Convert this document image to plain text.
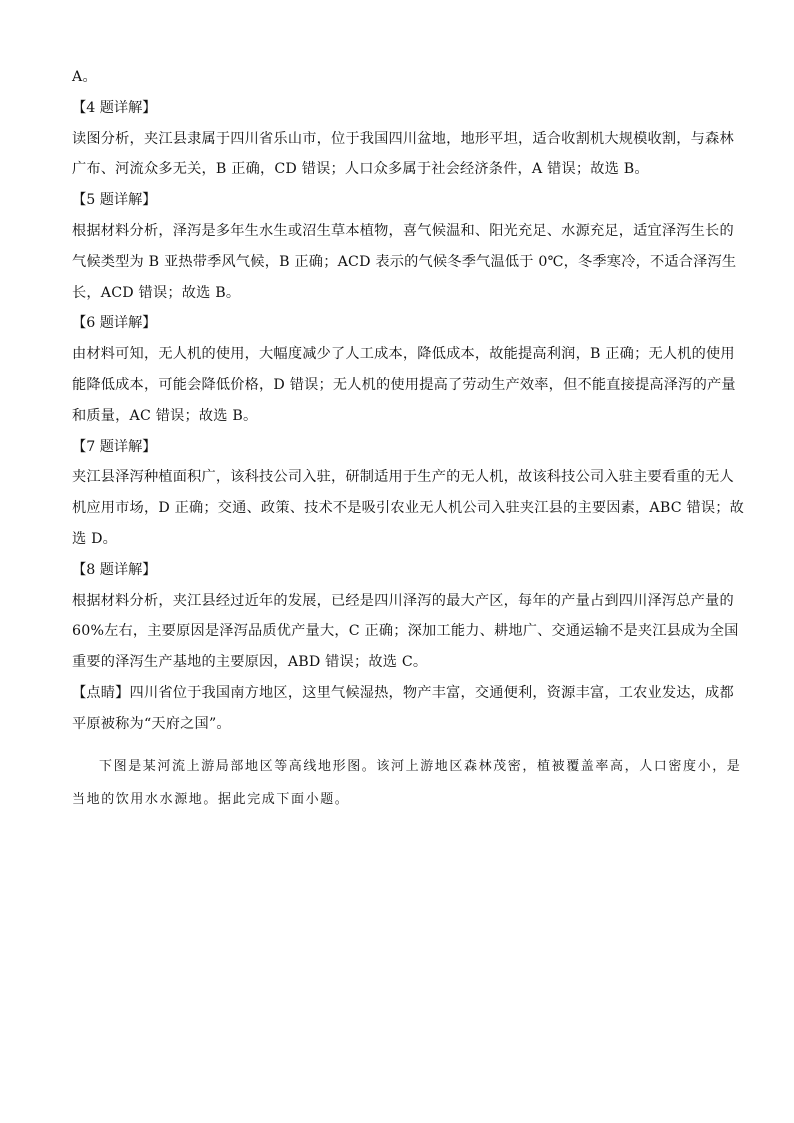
A。
【4 题详解】
读图分析，夹江县隶属于四川省乐山市，位于我国四川盆地，地形平坦，适合收割机大规模收割，与森林
广布、河流众多无关，B 正确，CD 错误；人口众多属于社会经济条件，A 错误；故选 B。
【5 题详解】
根据材料分析，泽泻是多年生水生或沼生草本植物，喜气候温和、阳光充足、水源充足，适宜泽泻生长的
气候类型为 B 亚热带季风气候，B 正确；ACD 表示的气候冬季气温低于 0℃，冬季寒冷，不适合泽泻生
长，ACD 错误；故选 B。
【6 题详解】
由材料可知，无人机的使用，大幅度减少了人工成本，降低成本，故能提高利润，B 正确；无人机的使用
能降低成本，可能会降低价格，D 错误；无人机的使用提高了劳动生产效率，但不能直接提高泽泻的产量
和质量，AC 错误；故选 B。
【7 题详解】
夹江县泽泻种植面积广，该科技公司入驻，研制适用于生产的无人机，故该科技公司入驻主要看重的无人
机应用市场，D 正确；交通、政策、技术不是吸引农业无人机公司入驻夹江县的主要因素，ABC 错误；故
选 D。
【8 题详解】
根据材料分析，夹江县经过近年的发展，已经是四川泽泻的最大产区，每年的产量占到四川泽泻总产量的
60%左右，主要原因是泽泻品质优产量大，C 正确；深加工能力、耕地广、交通运输不是夹江县成为全国
重要的泽泻生产基地的主要原因，ABD 错误；故选 C。
【点睛】四川省位于我国南方地区，这里气候湿热，物产丰富，交通便利，资源丰富，工农业发达，成都
平原被称为“天府之国”。
下图是某河流上游局部地区等高线地形图。该河上游地区森林茂密，植被覆盖率高，人口密度小，是
当地的饮用水水源地。据此完成下面小题。
